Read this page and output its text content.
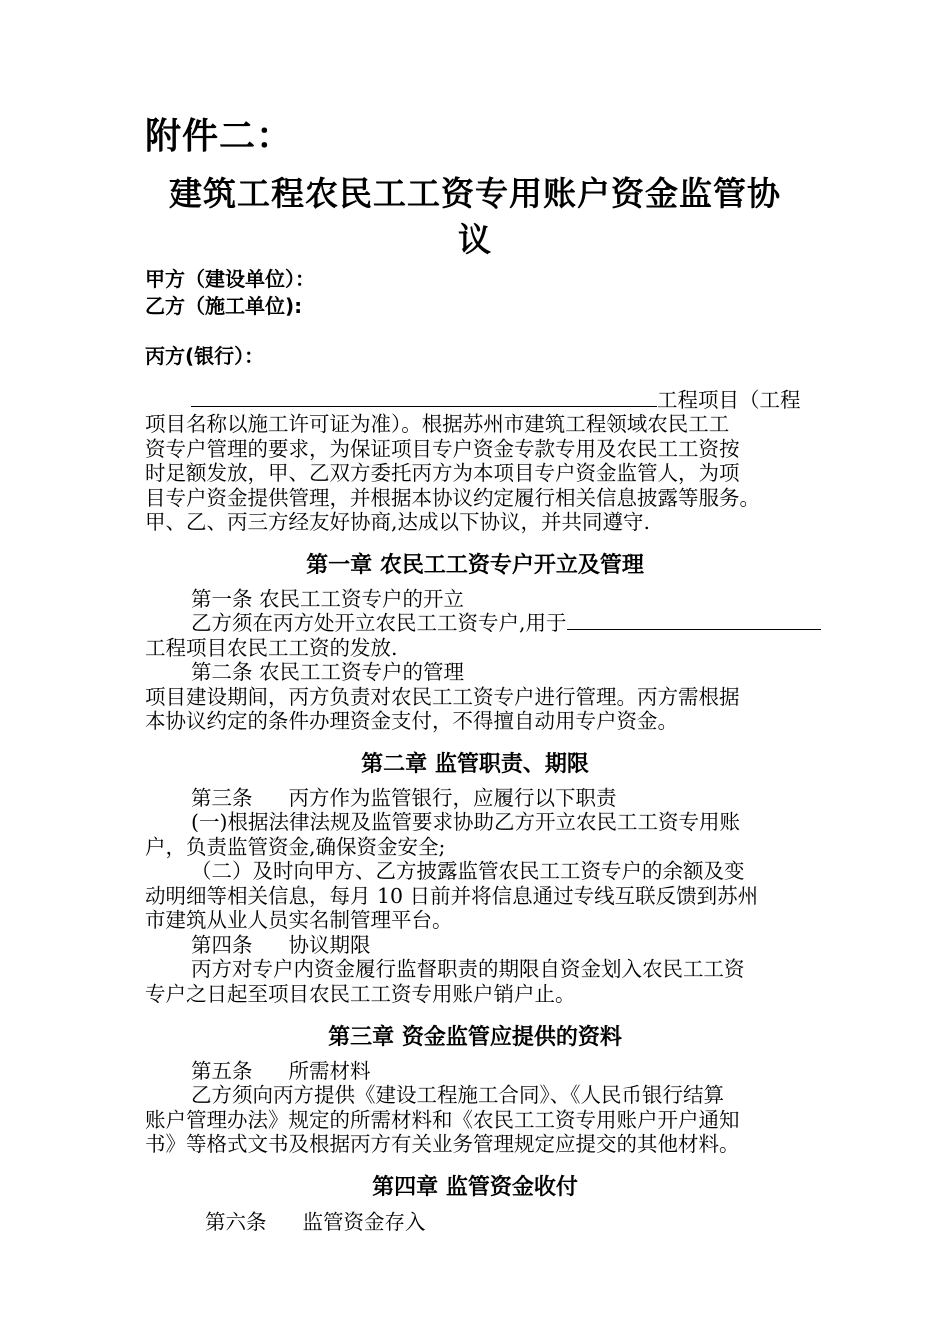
附件二：
建筑工程农民工工资专用账户资金监管协
议
甲方（建设单位）：
乙方（施工单位):
丙方(银行）：
工程项目（工程
项目名称以施工许可证为准）。根据苏州市建筑工程领域农民工工
资专户管理的要求，为保证项目专户资金专款专用及农民工工资按
时足额发放，甲、乙双方委托丙方为本项目专户资金监管人，为项
目专户资金提供管理，并根据本协议约定履行相关信息披露等服务。
甲、乙、丙三方经友好协商,达成以下协议，并共同遵守.
第一章 农民工工资专户开立及管理
第一条 农民工工资专户的开立
乙方须在丙方处开立农民工工资专户,用于
工程项目农民工工资的发放.
第二条 农民工工资专户的管理
项目建设期间，丙方负责对农民工工资专户进行管理。丙方需根据
本协议约定的条件办理资金支付，不得擅自动用专户资金。
第二章 监管职责、期限
第三条 丙方作为监管银行，应履行以下职责
(一)根据法律法规及监管要求协助乙方开立农民工工资专用账
户，负责监管资金,确保资金安全;
（二）及时向甲方、乙方披露监管农民工工资专户的余额及变
动明细等相关信息，每月 10 日前并将信息通过专线互联反馈到苏州
市建筑从业人员实名制管理平台。
第四条 协议期限
丙方对专户内资金履行监督职责的期限自资金划入农民工工资
专户之日起至项目农民工工资专用账户销户止。
第三章 资金监管应提供的资料
第五条 所需材料
乙方须向丙方提供《建设工程施工合同》、《人民币银行结算
账户管理办法》规定的所需材料和《农民工工资专用账户开户通知
书》等格式文书及根据丙方有关业务管理规定应提交的其他材料。
第四章 监管资金收付
第六条 监管资金存入
